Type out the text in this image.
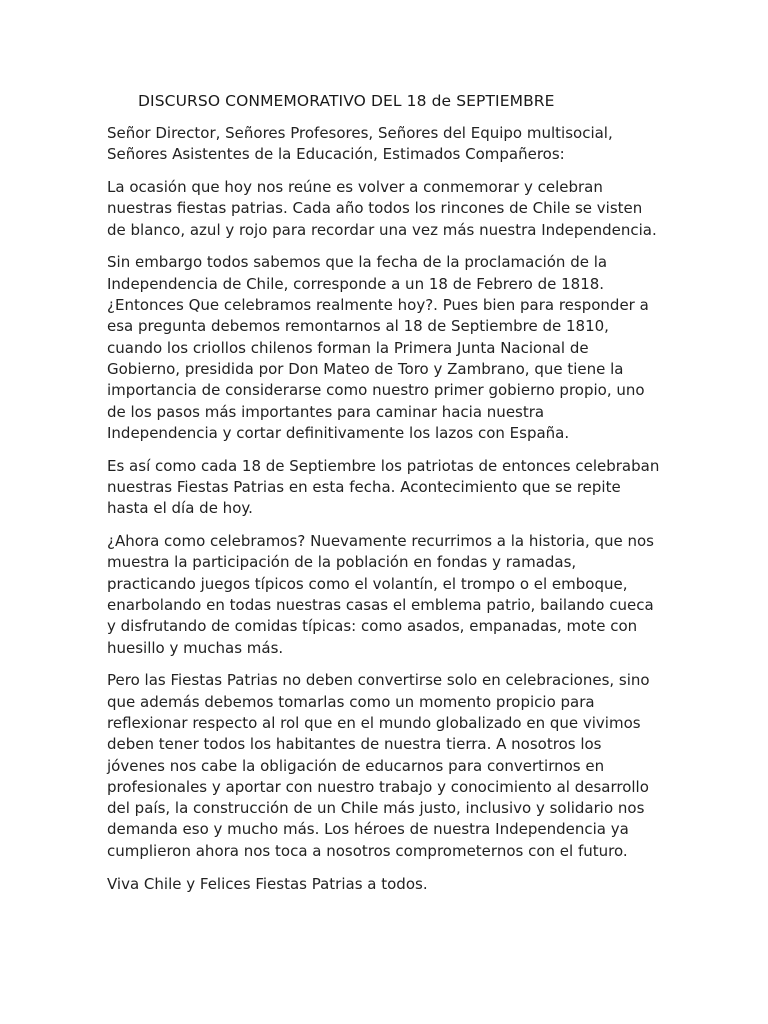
DISCURSO CONMEMORATIVO DEL 18 de SEPTIEMBRE

Señor Director, Señores Profesores, Señores del Equipo multisocial,
Señores Asistentes de la Educación, Estimados Compañeros:

La ocasión que hoy nos reúne es volver a conmemorar y celebran
nuestras fiestas patrias. Cada año todos los rincones de Chile se visten
de blanco, azul y rojo para recordar una vez más nuestra Independencia.

Sin embargo todos sabemos que la fecha de la proclamación de la
Independencia de Chile, corresponde a un 18 de Febrero de 1818.
¿Entonces Que celebramos realmente hoy?. Pues bien para responder a
esa pregunta debemos remontarnos al 18 de Septiembre de 1810,
cuando los criollos chilenos forman la Primera Junta Nacional de
Gobierno, presidida por Don Mateo de Toro y Zambrano, que tiene la
importancia de considerarse como nuestro primer gobierno propio, uno
de los pasos más importantes para caminar hacia nuestra
Independencia y cortar definitivamente los lazos con España.

Es así como cada 18 de Septiembre los patriotas de entonces celebraban
nuestras Fiestas Patrias en esta fecha. Acontecimiento que se repite
hasta el día de hoy.

¿Ahora como celebramos? Nuevamente recurrimos a la historia, que nos
muestra la participación de la población en fondas y ramadas,
practicando juegos típicos como el volantín, el trompo o el emboque,
enarbolando en todas nuestras casas el emblema patrio, bailando cueca
y disfrutando de comidas típicas: como asados, empanadas, mote con
huesillo y muchas más.

Pero las Fiestas Patrias no deben convertirse solo en celebraciones, sino
que además debemos tomarlas como un momento propicio para
reflexionar respecto al rol que en el mundo globalizado en que vivimos
deben tener todos los habitantes de nuestra tierra. A nosotros los
jóvenes nos cabe la obligación de educarnos para convertirnos en
profesionales y aportar con nuestro trabajo y conocimiento al desarrollo
del país, la construcción de un Chile más justo, inclusivo y solidario nos
demanda eso y mucho más. Los héroes de nuestra Independencia ya
cumplieron ahora nos toca a nosotros comprometernos con el futuro.

Viva Chile y Felices Fiestas Patrias a todos.
